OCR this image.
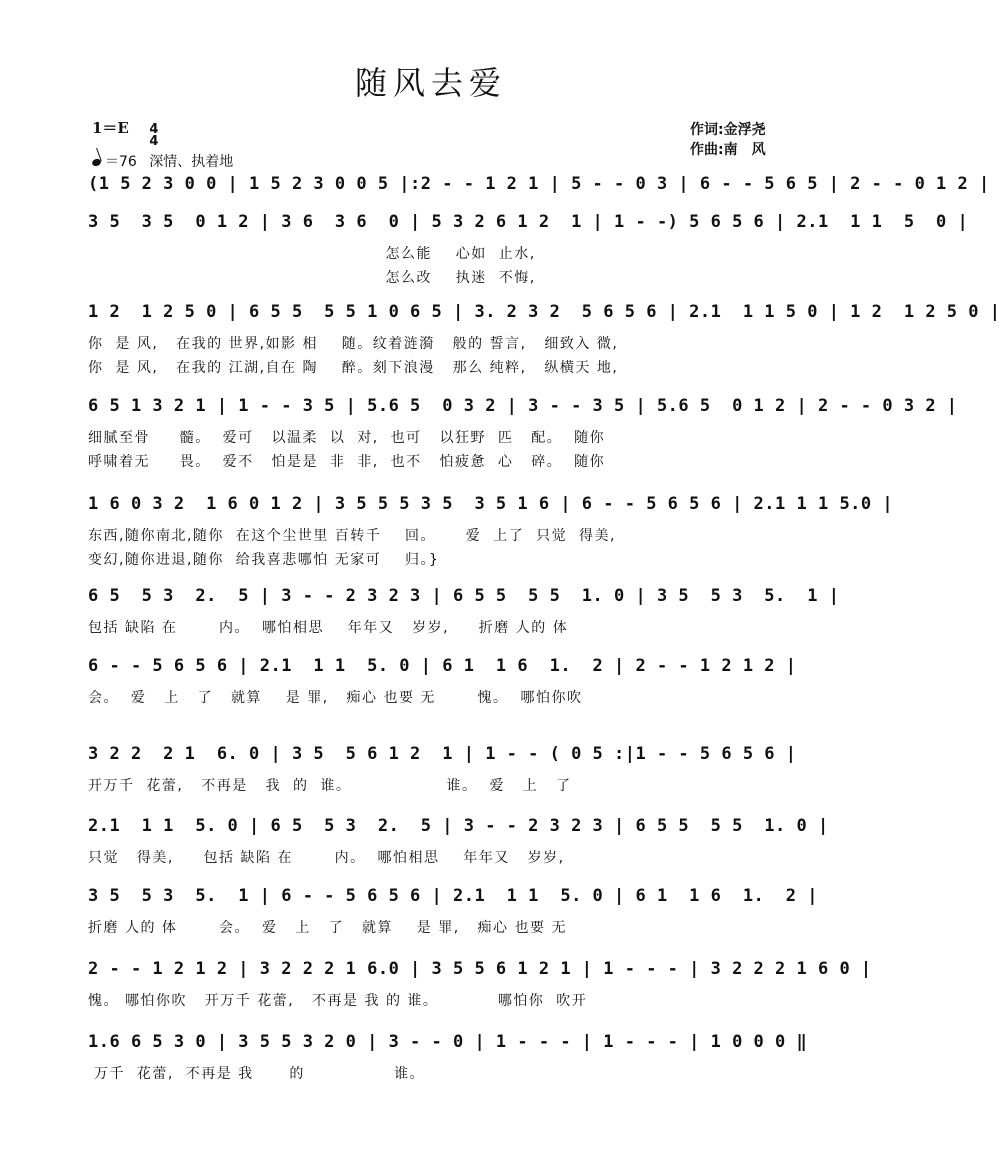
随风去爱
1＝E 4
4
＝76 深情、执着地
作词:金浮尧
作曲:南　风
(1 5 2 3 0 0 | 1 5 2 3 0 0 5 |:2 - - 1 2 1 | 5 - - 0 3 | 6 - - 5 6 5 | 2 - - 0 1 2 |
3 5  3 5  0 1 2 | 3 6  3 6  0 | 5 3 2 6 1 2  1 | 1 - -) 5 6 5 6 | 2.1  1 1  5  0 |
怎么能    心如  止水,
怎么改    执迷  不悔,
1 2  1 2 5 0 | 6 5 5  5 5 1 0 6 5 | 3. 2 3 2  5 6 5 6 | 2.1  1 1 5 0 | 1 2  1 2 5 0 |
你  是 风,   在我的 世界,如影 相    随。纹着涟漪   般的 誓言,   细致入 微,
你  是 风,   在我的 江湖,自在 陶    醉。刻下浪漫   那么 纯粹,   纵横天 地,
6 5 1 3 2 1 | 1 - - 3 5 | 5.6 5  0 3 2 | 3 - - 3 5 | 5.6 5  0 1 2 | 2 - - 0 3 2 |
细腻至骨     髓。  爱可   以温柔  以  对,  也可   以狂野  匹   配。  随你
呼啸着无     畏。  爱不   怕是是  非  非,  也不   怕疲惫  心   碎。  随你
1 6 0 3 2  1 6 0 1 2 | 3 5 5 5 3 5  3 5 1 6 | 6 - - 5 6 5 6 | 2.1 1 1 5.0 |
东西,随你南北,随你  在这个尘世里 百转千    回。     爱  上了  只觉  得美,
变幻,随你进退,随你  给我喜悲哪怕 无家可    归。}
6 5  5 3  2.  5 | 3 - - 2 3 2 3 | 6 5 5  5 5  1. 0 | 3 5  5 3  5.  1 |
包括 缺陷 在       内。  哪怕相思    年年又   岁岁,     折磨 人的 体
6 - - 5 6 5 6 | 2.1  1 1  5. 0 | 6 1  1 6  1.  2 | 2 - - 1 2 1 2 |
会。  爱   上   了   就算    是 罪,   痴心 也要 无       愧。  哪怕你吹
3 2 2  2 1  6. 0 | 3 5  5 6 1 2  1 | 1 - - ( 0 5 :|1 - - 5 6 5 6 |
开万千  花蕾,   不再是   我  的  谁。                谁。  爱   上   了
2.1  1 1  5. 0 | 6 5  5 3  2.  5 | 3 - - 2 3 2 3 | 6 5 5  5 5  1. 0 |
只觉   得美,     包括 缺陷 在       内。  哪怕相思    年年又   岁岁,
3 5  5 3  5.  1 | 6 - - 5 6 5 6 | 2.1  1 1  5. 0 | 6 1  1 6  1.  2 |
折磨 人的 体       会。  爱   上   了   就算    是 罪,   痴心 也要 无
2 - - 1 2 1 2 | 3 2 2 2 1 6.0 | 3 5 5 6 1 2 1 | 1 - - - | 3 2 2 2 1 6 0 |
愧。 哪怕你吹   开万千 花蕾,   不再是 我 的 谁。          哪怕你  吹开
1.6 6 5 3 0 | 3 5 5 3 2 0 | 3 - - 0 | 1 - - - | 1 - - - | 1 0 0 0 ‖
万千  花蕾,  不再是 我      的               谁。
